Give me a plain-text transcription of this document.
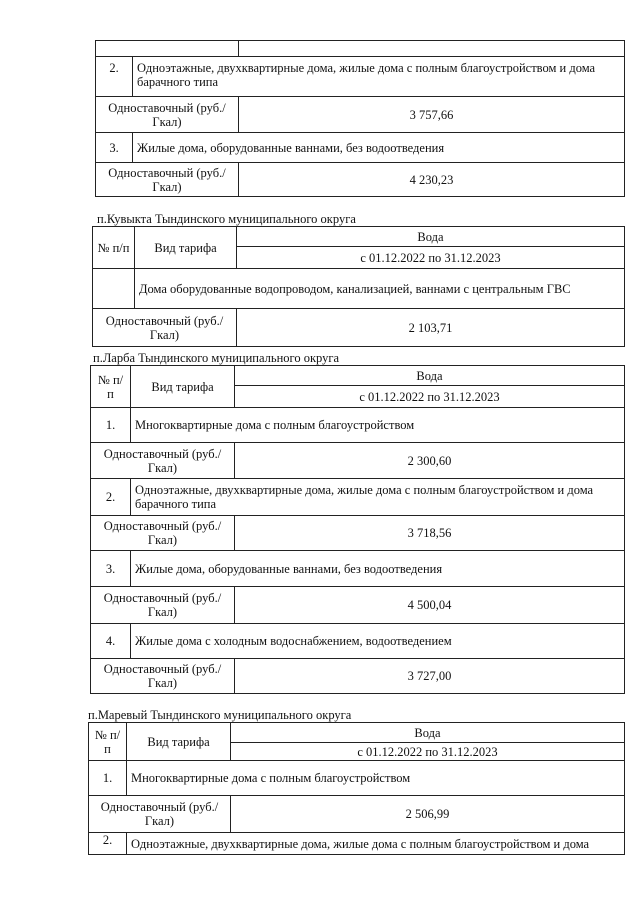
2.	Одноэтажные, двухквартирные дома, жилые дома с полным благоустройством и дома барачного типа	
Одноставочный (руб./Гкал)		3 757,66
3.	Жилые дома, оборудованные ваннами, без водоотведения	
Одноставочный (руб./Гкал)		4 230,23
п.Кувыкта Тындинского муниципального округа
№ п/п	Вид тарифа	Вода
		с 01.12.2022 по 31.12.2023
	Дома оборудованные водопроводом, канализацией, ваннами с центральным ГВС	
Одноставочный (руб./Гкал)		2 103,71
п.Ларба Тындинского муниципального округа
№ п/п	Вид тарифа	Вода
		с 01.12.2022 по 31.12.2023
1.	Многоквартирные дома с полным благоустройством	
Одноставочный (руб./Гкал)		2 300,60
2.	Одноэтажные, двухквартирные дома, жилые дома с полным благоустройством и дома барачного типа	
Одноставочный (руб./Гкал)		3 718,56
3.	Жилые дома, оборудованные ваннами, без водоотведения	
Одноставочный (руб./Гкал)		4 500,04
4.	Жилые дома с холодным водоснабжением, водоотведением	
Одноставочный (руб./Гкал)		3 727,00
п.Маревый Тындинского муниципального округа
№ п/п	Вид тарифа	Вода
		с 01.12.2022 по 31.12.2023
1.	Многоквартирные дома с полным благоустройством	
Одноставочный (руб./Гкал)		2 506,99
2.	Одноэтажные, двухквартирные дома, жилые дома с полным благоустройством и дома	
